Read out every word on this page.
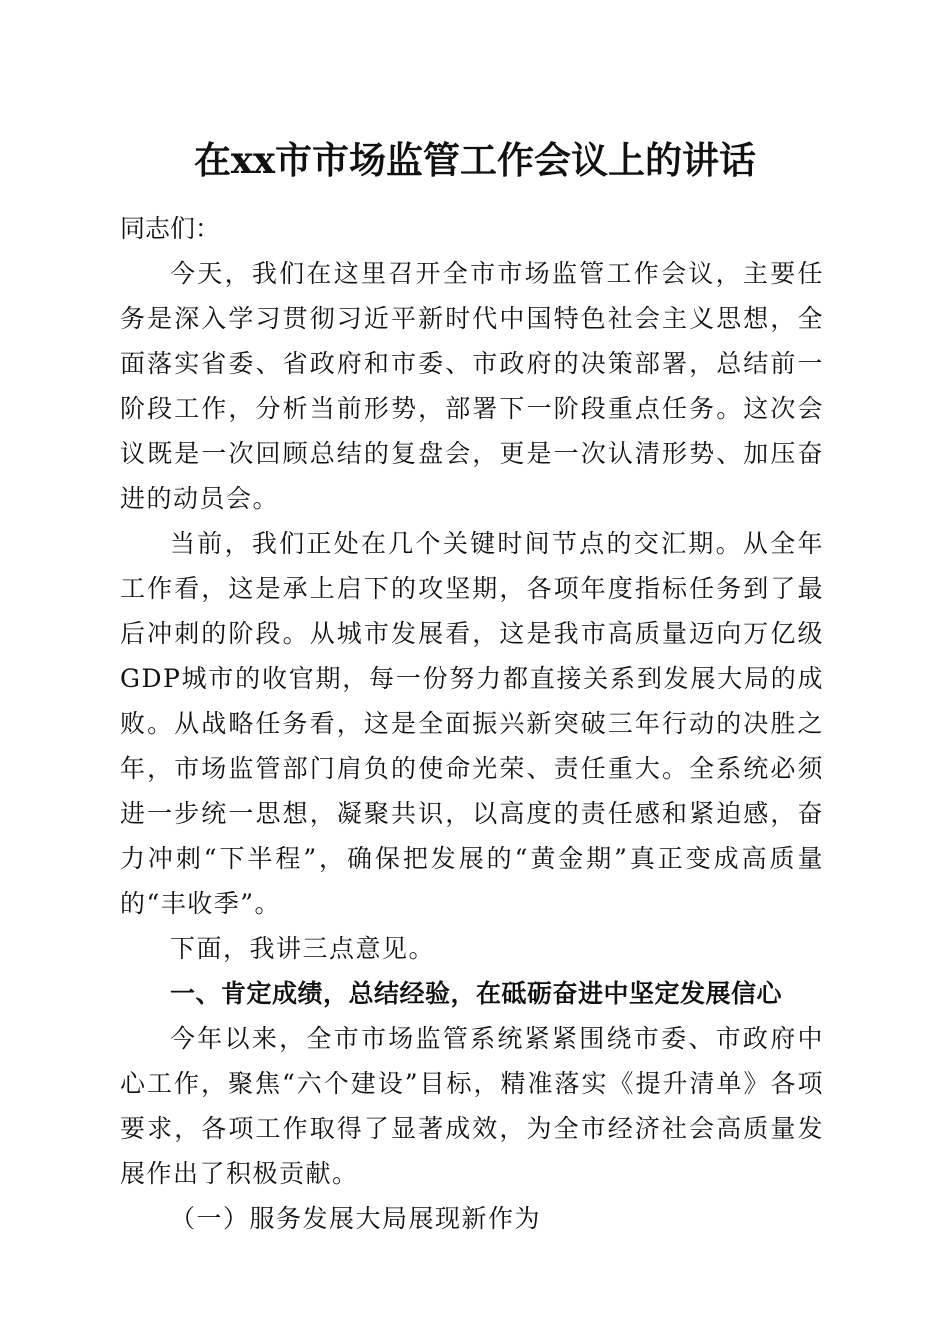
在xx市市场监管工作会议上的讲话

同志们：

今天，我们在这里召开全市市场监管工作会议，主要任务是深入学习贯彻习近平新时代中国特色社会主义思想，全面落实省委、省政府和市委、市政府的决策部署，总结前一阶段工作，分析当前形势，部署下一阶段重点任务。这次会议既是一次回顾总结的复盘会，更是一次认清形势、加压奋进的动员会。

当前，我们正处在几个关键时间节点的交汇期。从全年工作看，这是承上启下的攻坚期，各项年度指标任务到了最后冲刺的阶段。从城市发展看，这是我市高质量迈向万亿级GDP城市的收官期，每一份努力都直接关系到发展大局的成败。从战略任务看，这是全面振兴新突破三年行动的决胜之年，市场监管部门肩负的使命光荣、责任重大。全系统必须进一步统一思想，凝聚共识，以高度的责任感和紧迫感，奋力冲刺“下半程”，确保把发展的“黄金期”真正变成高质量的“丰收季”。

下面，我讲三点意见。

一、肯定成绩，总结经验，在砥砺奋进中坚定发展信心

今年以来，全市市场监管系统紧紧围绕市委、市政府中心工作，聚焦“六个建设”目标，精准落实《提升清单》各项要求，各项工作取得了显著成效，为全市经济社会高质量发展作出了积极贡献。

（一）服务发展大局展现新作为
